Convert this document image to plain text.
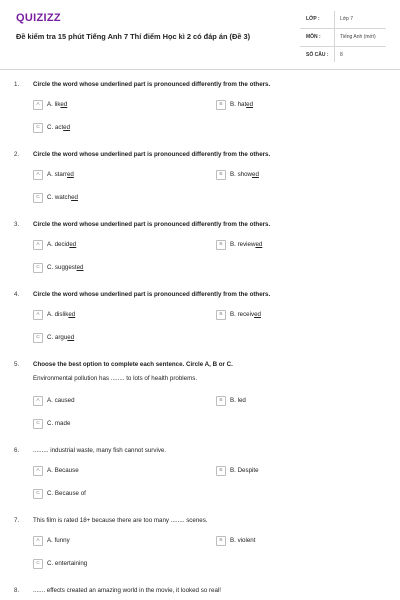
QUIZIZZ
Đề kiểm tra 15 phút Tiếng Anh 7 Thí điểm Học kì 2 có đáp án (Đề 3)
LỚP :	Lớp 7
MÔN :	Tiếng Anh (mới)
SỐ CÂU : 8
1. Circle the word whose underlined part is pronounced differently from the others.
A	A. liked	B	B. hated
C	C. acted
2. Circle the word whose underlined part is pronounced differently from the others.
A	A. starred	B	B. showed
C	C. watched
3. Circle the word whose underlined part is pronounced differently from the others.
A	A. decided	B	B. reviewed
C	C. suggested
4. Circle the word whose underlined part is pronounced differently from the others.
A	A. disliked	B	B. received
C	C. argued
5. Choose the best option to complete each sentence. Circle A, B or C.
Environmental pollution has ........ to lots of health problems.
A	A. caused	B	B. led
C	C. made
6. ......... industrial waste, many fish cannot survive.
A	A. Because	B	B. Despite
C	C. Because of
7. This film is rated 18+ because there are too many ........ scenes.
A	A. funny	B	B. violent
C	C. entertaining
8. ....... effects created an amazing world in the movie, it looked so real!
